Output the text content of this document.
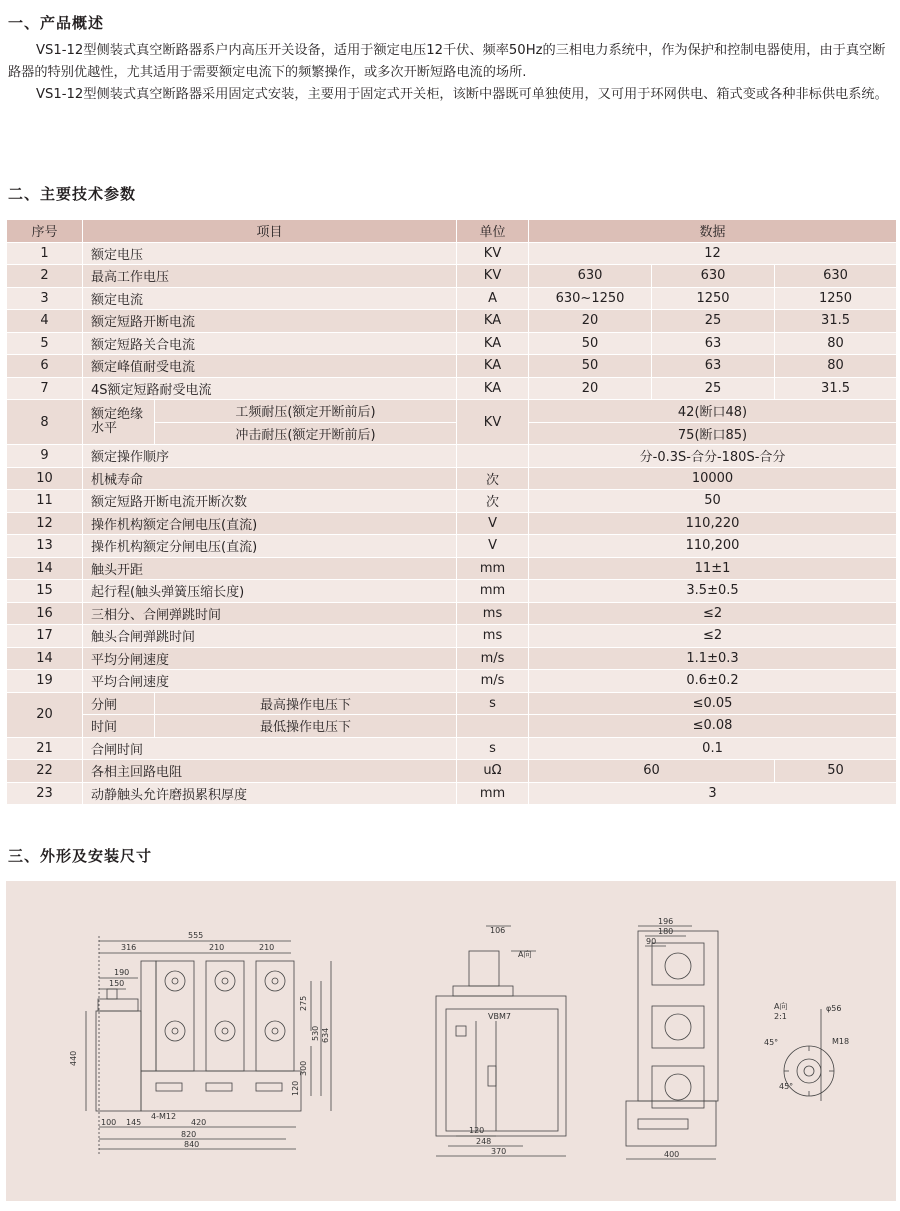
一、产品概述

VS1-12型侧装式真空断路器系户内高压开关设备，适用于额定电压12千伏、频率50Hz的三相电力系统中，作为保护和控制电器使用，由于真空断路器的特别优越性，尤其适用于需要额定电流下的频繁操作，或多次开断短路电流的场所.

VS1-12型侧装式真空断路器采用固定式安装，主要用于固定式开关柜，该断中器既可单独使用，又可用于环网供电、箱式变或各种非标供电系统。

二、主要技术参数
序号	项目		单位	数据		
1	额定电压		KV	12		
2	最高工作电压		KV	630	630	630
3	额定电流		A	630~1250	1250	1250
4	额定短路开断电流		KA	20	25	31.5
5	额定短路关合电流		KA	50	63	80
6	额定峰值耐受电流		KA	50	63	80
7	4S额定短路耐受电流		KA	20	25	31.5
8	额定绝缘水平	工频耐压(额定开断前后)	KV	42(断口48)		
		冲击耐压(额定开断前后)		75(断口85)		
9	额定操作顺序			分-0.3S-合分-180S-合分		
10	机械寿命		次	10000		
11	额定短路开断电流开断次数		次	50		
12	操作机构额定合闸电压(直流)		V	110,220		
13	操作机构额定分闸电压(直流)		V	110,200		
14	触头开距		mm	11±1		
15	起行程(触头弹簧压缩长度)		mm	3.5±0.5		
16	三相分、合闸弹跳时间		ms	≤2		
17	触头合闸弹跳时间		ms	≤2		
14	平均分闸速度		m/s	1.1±0.3		
19	平均合闸速度		m/s	0.6±0.2		
20	分闸	最高操作电压下	s	≤0.05		
	时间	最低操作电压下		≤0.08		
21	合闸时间		s	0.1		
22	各相主回路电阻		uΩ	60		50
23	动静触头允许磨损累积厚度		mm	3		
三、外形及安装尺寸
555
316	210	210
190
150
440
275
530 634
300
120
4-M12
100 145	420
820
840
106
A向
VBM7
120
248
370
196
180
90
400
A向
2:1
φ56
45°	M18
45°
